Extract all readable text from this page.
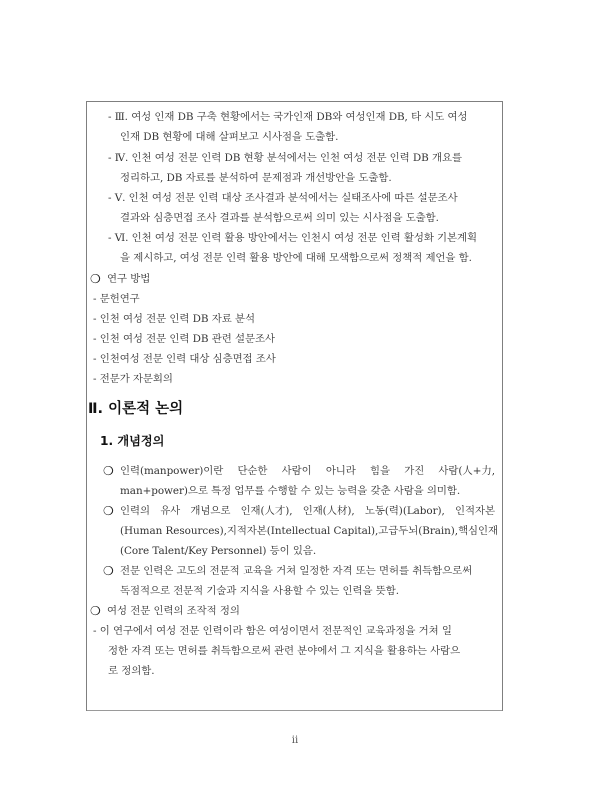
- Ⅲ. 여성 인재 DB 구축 현황에서는 국가인재 DB와 여성인재 DB, 타 시도 여성
인재 DB 현황에 대해 살펴보고 시사점을 도출함.
- Ⅳ. 인천 여성 전문 인력 DB 현황 분석에서는 인천 여성 전문 인력 DB 개요를
정리하고, DB 자료를 분석하여 문제점과 개선방안을 도출함.
- Ⅴ. 인천 여성 전문 인력 대상 조사결과 분석에서는 실태조사에 따른 설문조사
결과와 심층면접 조사 결과를 분석함으로써 의미 있는 시사점을 도출함.
- Ⅵ. 인천 여성 전문 인력 활용 방안에서는 인천시 여성 전문 인력 활성화 기본계획
을 제시하고, 여성 전문 인력 활용 방안에 대해 모색함으로써 정책적 제언을 함.
❍ 연구 방법
- 문헌연구
- 인천 여성 전문 인력 DB 자료 분석
- 인천 여성 전문 인력 DB 관련 설문조사
- 인천여성 전문 인력 대상 심층면접 조사
- 전문가 자문회의
Ⅱ. 이론적 논의
1. 개념정의
❍ 인력(manpower)이란 단순한 사람이 아니라 힘을 가진 사람(人+力,
man+power)으로 특정 업무를 수행할 수 있는 능력을 갖춘 사람을 의미함.
❍ 인력의 유사 개념으로 인재(人才), 인재(人材), 노동(력)(Labor), 인적자본
(Human Resources), 지적자본(Intellectual Capital), 고급두뇌(Brain), 핵심인재
(Core Talent/Key Personnel) 등이 있음.
❍ 전문 인력은 고도의 전문적 교육을 거쳐 일정한 자격 또는 면허를 취득함으로써
독점적으로 전문적 기술과 지식을 사용할 수 있는 인력을 뜻함.
❍ 여성 전문 인력의 조작적 정의
- 이 연구에서 여성 전문 인력이라 함은 여성이면서 전문적인 교육과정을 거쳐 일
정한 자격 또는 면허를 취득함으로써 관련 분야에서 그 지식을 활용하는 사람으
로 정의함.
ii
